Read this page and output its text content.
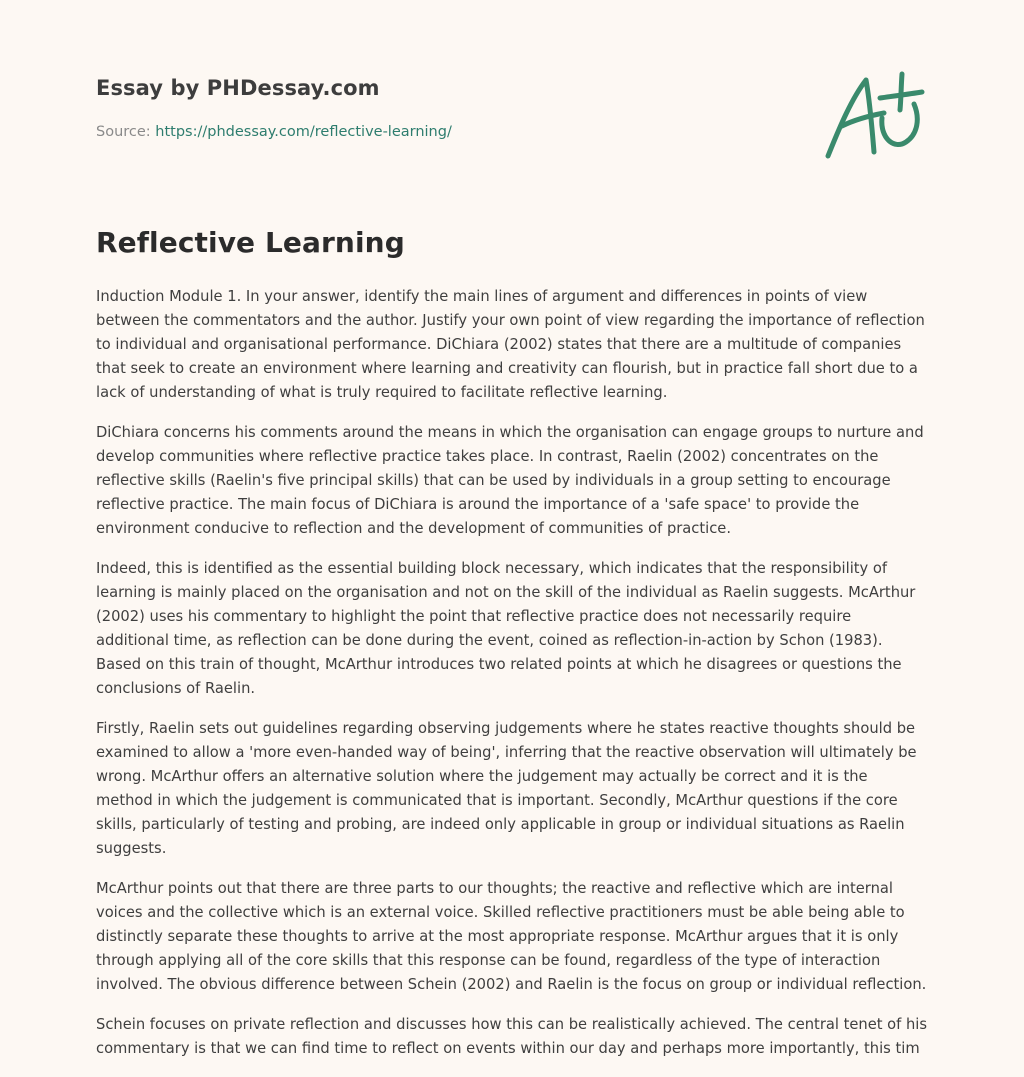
Essay by PHDessay.com
Source: https://phdessay.com/reflective-learning/
Reflective Learning

Induction Module 1. In your answer, identify the main lines of argument and differences in points of view between the commentators and the author. Justify your own point of view regarding the importance of reflection to individual and organisational performance. DiChiara (2002) states that there are a multitude of companies that seek to create an environment where learning and creativity can flourish, but in practice fall short due to a lack of understanding of what is truly required to facilitate reflective learning.

DiChiara concerns his comments around the means in which the organisation can engage groups to nurture and develop communities where reflective practice takes place. In contrast, Raelin (2002) concentrates on the reflective skills (Raelin's five principal skills) that can be used by individuals in a group setting to encourage reflective practice. The main focus of DiChiara is around the importance of a 'safe space' to provide the environment conducive to reflection and the development of communities of practice.

Indeed, this is identified as the essential building block necessary, which indicates that the responsibility of learning is mainly placed on the organisation and not on the skill of the individual as Raelin suggests. McArthur (2002) uses his commentary to highlight the point that reflective practice does not necessarily require additional time, as reflection can be done during the event, coined as reflection-in-action by Schon (1983). Based on this train of thought, McArthur introduces two related points at which he disagrees or questions the conclusions of Raelin.

Firstly, Raelin sets out guidelines regarding observing judgements where he states reactive thoughts should be examined to allow a 'more even-handed way of being', inferring that the reactive observation will ultimately be wrong. McArthur offers an alternative solution where the judgement may actually be correct and it is the method in which the judgement is communicated that is important. Secondly, McArthur questions if the core skills, particularly of testing and probing, are indeed only applicable in group or individual situations as Raelin suggests.

McArthur points out that there are three parts to our thoughts; the reactive and reflective which are internal voices and the collective which is an external voice. Skilled reflective practitioners must be able being able to distinctly separate these thoughts to arrive at the most appropriate response. McArthur argues that it is only through applying all of the core skills that this response can be found, regardless of the type of interaction involved. The obvious difference between Schein (2002) and Raelin is the focus on group or individual reflection.

Schein focuses on private reflection and discusses how this can be realistically achieved. The central tenet of his commentary is that we can find time to reflect on events within our day and perhaps more importantly, this tim
